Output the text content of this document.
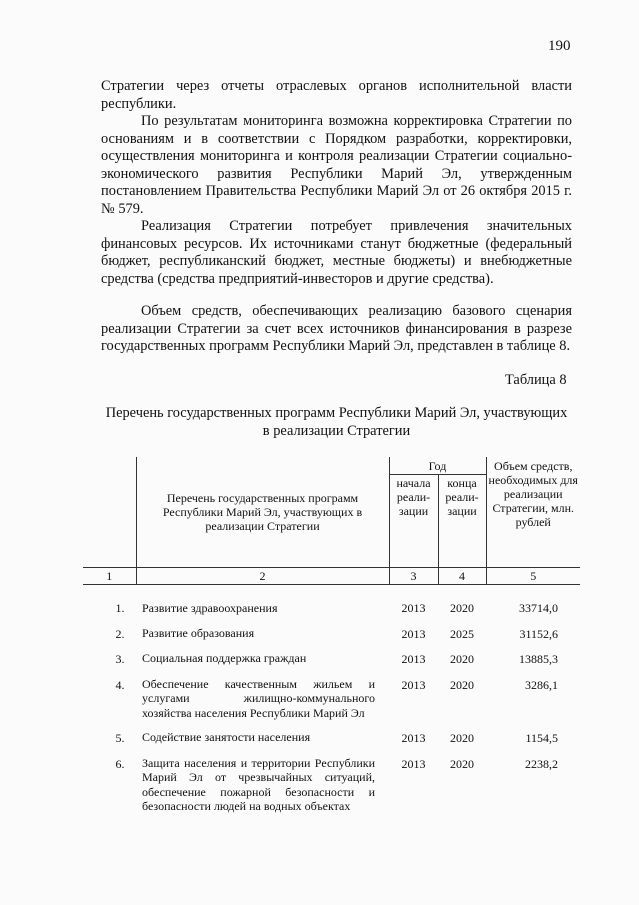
190

Стратегии через отчеты отраслевых органов исполнительной власти республики.

По результатам мониторинга возможна корректировка Стратегии по основаниям и в соответствии с Порядком разработки, корректировки, осуществления мониторинга и контроля реализации Стратегии социально-экономического развития Республики Марий Эл, утвержденным постановлением Правительства Республики Марий Эл от 26 октября 2015 г. № 579.

Реализация Стратегии потребует привлечения значительных финансовых ресурсов. Их источниками станут бюджетные (федеральный бюджет, республиканский бюджет, местные бюджеты) и внебюджетные средства (средства предприятий-инвесторов и другие средства).

Объем средств, обеспечивающих реализацию базового сценария реализации Стратегии за счет всех источников финансирования в разрезе государственных программ Республики Марий Эл, представлен в таблице 8.

Таблица 8
Перечень государственных программ Республики Марий Эл, участвующих в реализации Стратегии
	Перечень государственных программ Республики Марий Эл, участвующих в реализации Стратегии	Год		Объем средств, необходимых для реализации Стратегии, млн. рублей
		начала реали-зации	конца реали-зации	
1	2	3	4	5
1.	Развитие здравоохранения	2013	2020	33714,0
2.	Развитие образования	2013	2025	31152,6
3.	Социальная поддержка граждан	2013	2020	13885,3
4.	Обеспечение качественным жильем и услугами жилищно-коммунального хозяйства населения Республики Марий Эл	2013	2020	3286,1
5.	Содействие занятости населения	2013	2020	1154,5
6.	Защита населения и территории Республики Марий Эл от чрезвычайных ситуаций, обеспечение пожарной безопасности и безопасности людей на водных объектах	2013	2020	2238,2
